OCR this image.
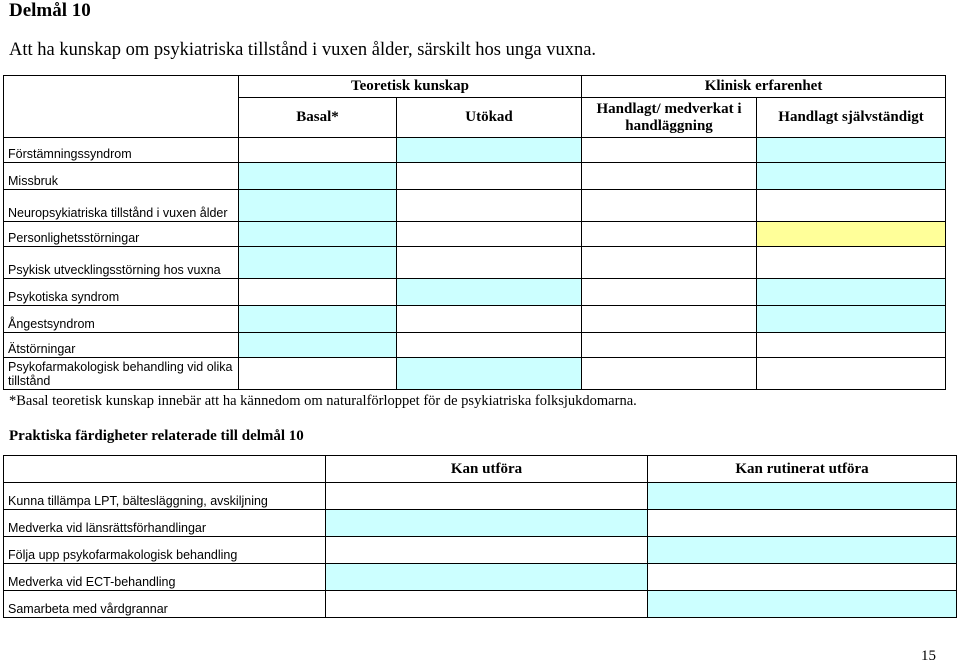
Delmål 10
Att ha kunskap om psykiatriska tillstånd i vuxen ålder, särskilt hos unga vuxna.
	Teoretisk kunskap		Klinisk erfarenhet	
	Basal*	Utökad	Handlagt/ medverkat i handläggning	Handlagt självständigt
Förstämningssyndrom				
Missbruk				
Neuropsykiatriska tillstånd i vuxen ålder				
Personlighetsstörningar				
Psykisk utvecklingsstörning hos vuxna				
Psykotiska syndrom				
Ångestsyndrom				
Ätstörningar				
Psykofarmakologisk behandling vid olika tillstånd				
*Basal teoretisk kunskap innebär att ha kännedom om naturalförloppet för de psykiatriska folksjukdomarna.
Praktiska färdigheter relaterade till delmål 10
	Kan utföra	Kan rutinerat utföra
Kunna tillämpa LPT, bältesläggning, avskiljning		
Medverka vid länsrättsförhandlingar		
Följa upp psykofarmakologisk behandling		
Medverka vid ECT-behandling		
Samarbeta med vårdgrannar		
15
